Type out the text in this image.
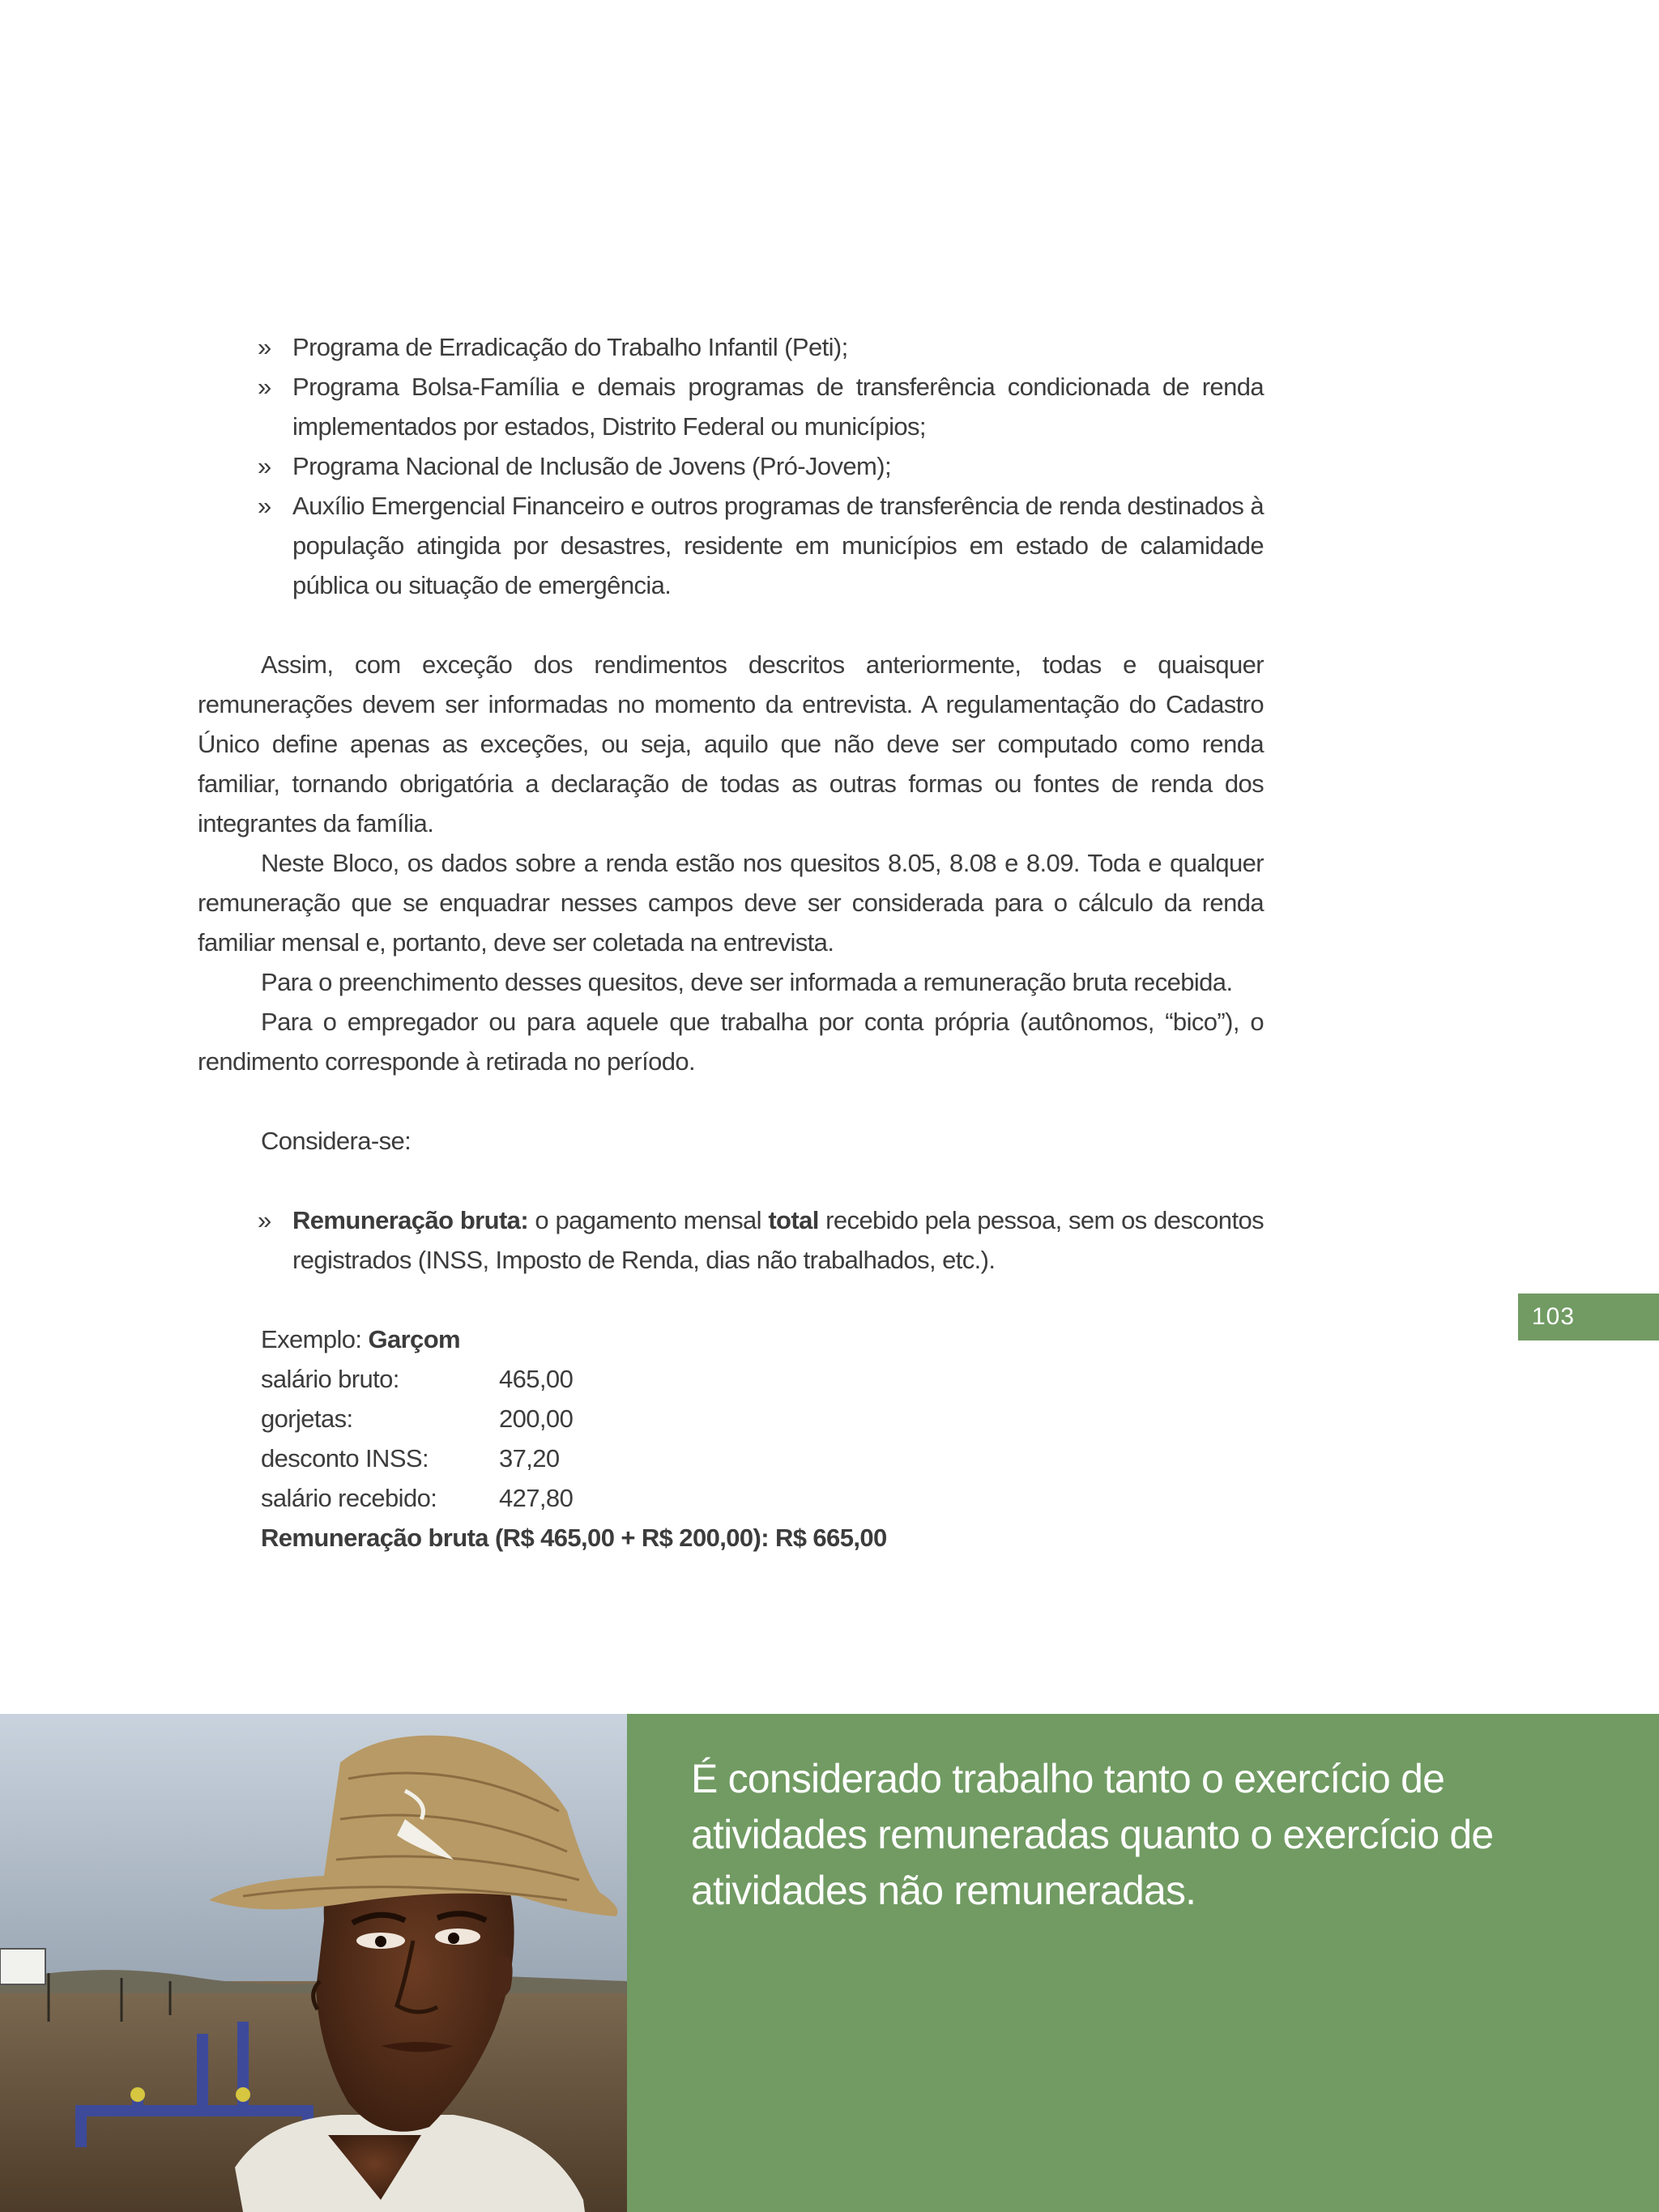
» Programa de Erradicação do Trabalho Infantil (Peti);
» Programa Bolsa-Família e demais programas de transferência condicionada de renda implementados por estados, Distrito Federal ou municípios;
» Programa Nacional de Inclusão de Jovens (Pró-Jovem);
» Auxílio Emergencial Financeiro e outros programas de transferência de renda destinados à população atingida por desastres, residente em municípios em estado de calamidade pública ou situação de emergência.

Assim, com exceção dos rendimentos descritos anteriormente, todas e quaisquer remunerações devem ser informadas no momento da entrevista. A regulamentação do Cadastro Único define apenas as exceções, ou seja, aquilo que não deve ser computado como renda familiar, tornando obrigatória a declaração de todas as outras formas ou fontes de renda dos integrantes da família.

Neste Bloco, os dados sobre a renda estão nos quesitos 8.05, 8.08 e 8.09. Toda e qualquer remuneração que se enquadrar nesses campos deve ser considerada para o cálculo da renda familiar mensal e, portanto, deve ser coletada na entrevista.

Para o preenchimento desses quesitos, deve ser informada a remuneração bruta recebida.

Para o empregador ou para aquele que trabalha por conta própria (autônomos, “bico”), o rendimento corresponde à retirada no período.

Considera-se:
» Remuneração bruta: o pagamento mensal total recebido pela pessoa, sem os descontos registrados (INSS, Imposto de Renda, dias não trabalhados, etc.).
Exemplo: Garçom
salário bruto:	465,00
gorjetas:	200,00
desconto INSS:	37,20
salário recebido:	427,80
Remuneração bruta (R$ 465,00 + R$ 200,00): R$ 665,00
103

É considerado trabalho tanto o exercício de atividades remuneradas quanto o exercício de atividades não remuneradas.
